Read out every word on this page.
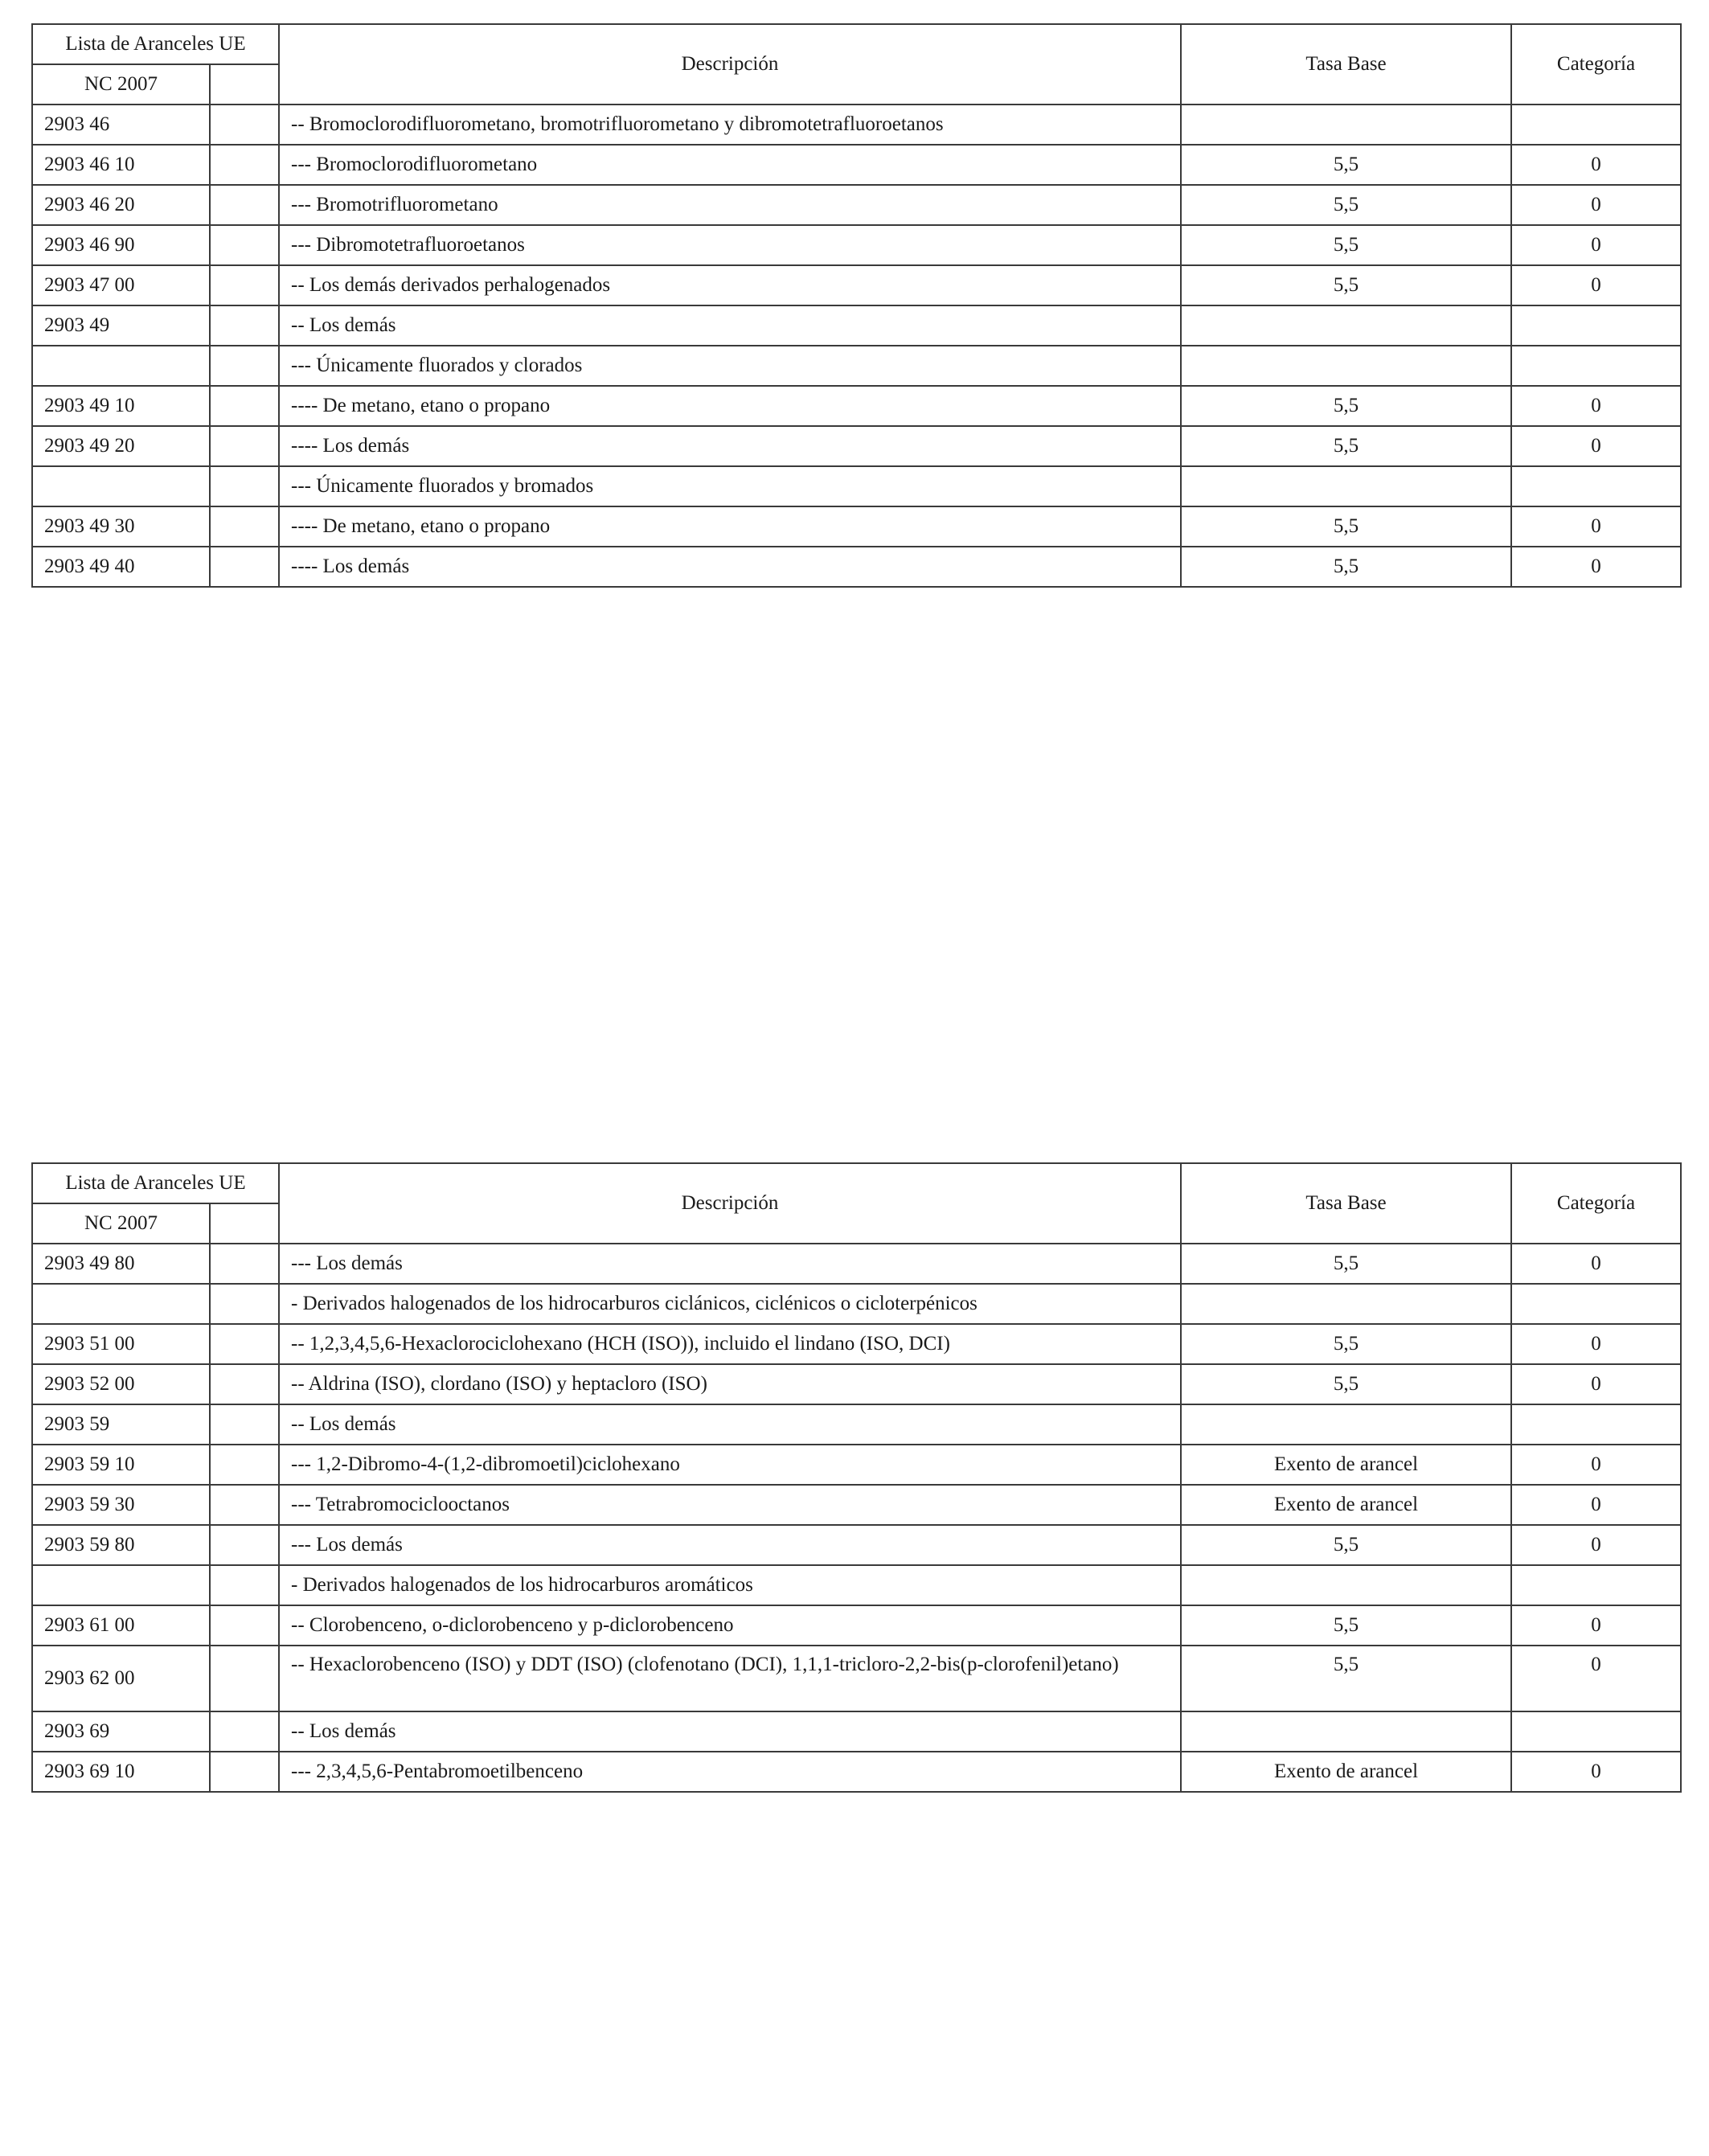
Lista de Aranceles UE		Descripción	Tasa Base	Categoría
NC 2007				
2903 46		-- Bromoclorodifluorometano, bromotrifluorometano y dibromotetrafluoroetanos		
2903 46 10		--- Bromoclorodifluorometano	5,5	0
2903 46 20		--- Bromotrifluorometano	5,5	0
2903 46 90		--- Dibromotetrafluoroetanos	5,5	0
2903 47 00		-- Los demás derivados perhalogenados	5,5	0
2903 49		-- Los demás		
		--- Únicamente fluorados y clorados		
2903 49 10		---- De metano, etano o propano	5,5	0
2903 49 20		---- Los demás	5,5	0
		--- Únicamente fluorados y bromados		
2903 49 30		---- De metano, etano o propano	5,5	0
2903 49 40		---- Los demás	5,5	0
Lista de Aranceles UE		Descripción	Tasa Base	Categoría
NC 2007				
2903 49 80		--- Los demás	5,5	0
		- Derivados halogenados de los hidrocarburos ciclánicos, ciclénicos o cicloterpénicos		
2903 51 00		-- 1,2,3,4,5,6-Hexaclorociclohexano (HCH (ISO)), incluido el lindano (ISO, DCI)	5,5	0
2903 52 00		-- Aldrina (ISO), clordano (ISO) y heptacloro (ISO)	5,5	0
2903 59		-- Los demás		
2903 59 10		--- 1,2-Dibromo-4-(1,2-dibromoetil)ciclohexano	Exento de arancel	0
2903 59 30		--- Tetrabromociclooctanos	Exento de arancel	0
2903 59 80		--- Los demás	5,5	0
		- Derivados halogenados de los hidrocarburos aromáticos		
2903 61 00		-- Clorobenceno, o-diclorobenceno y p-diclorobenceno	5,5	0
2903 62 00		-- Hexaclorobenceno (ISO) y DDT (ISO) (clofenotano (DCI), 1,1,1-tricloro-2,2-bis(p-clorofenil)etano)	5,5	0
2903 69		-- Los demás		
2903 69 10		--- 2,3,4,5,6-Pentabromoetilbenceno	Exento de arancel	0
